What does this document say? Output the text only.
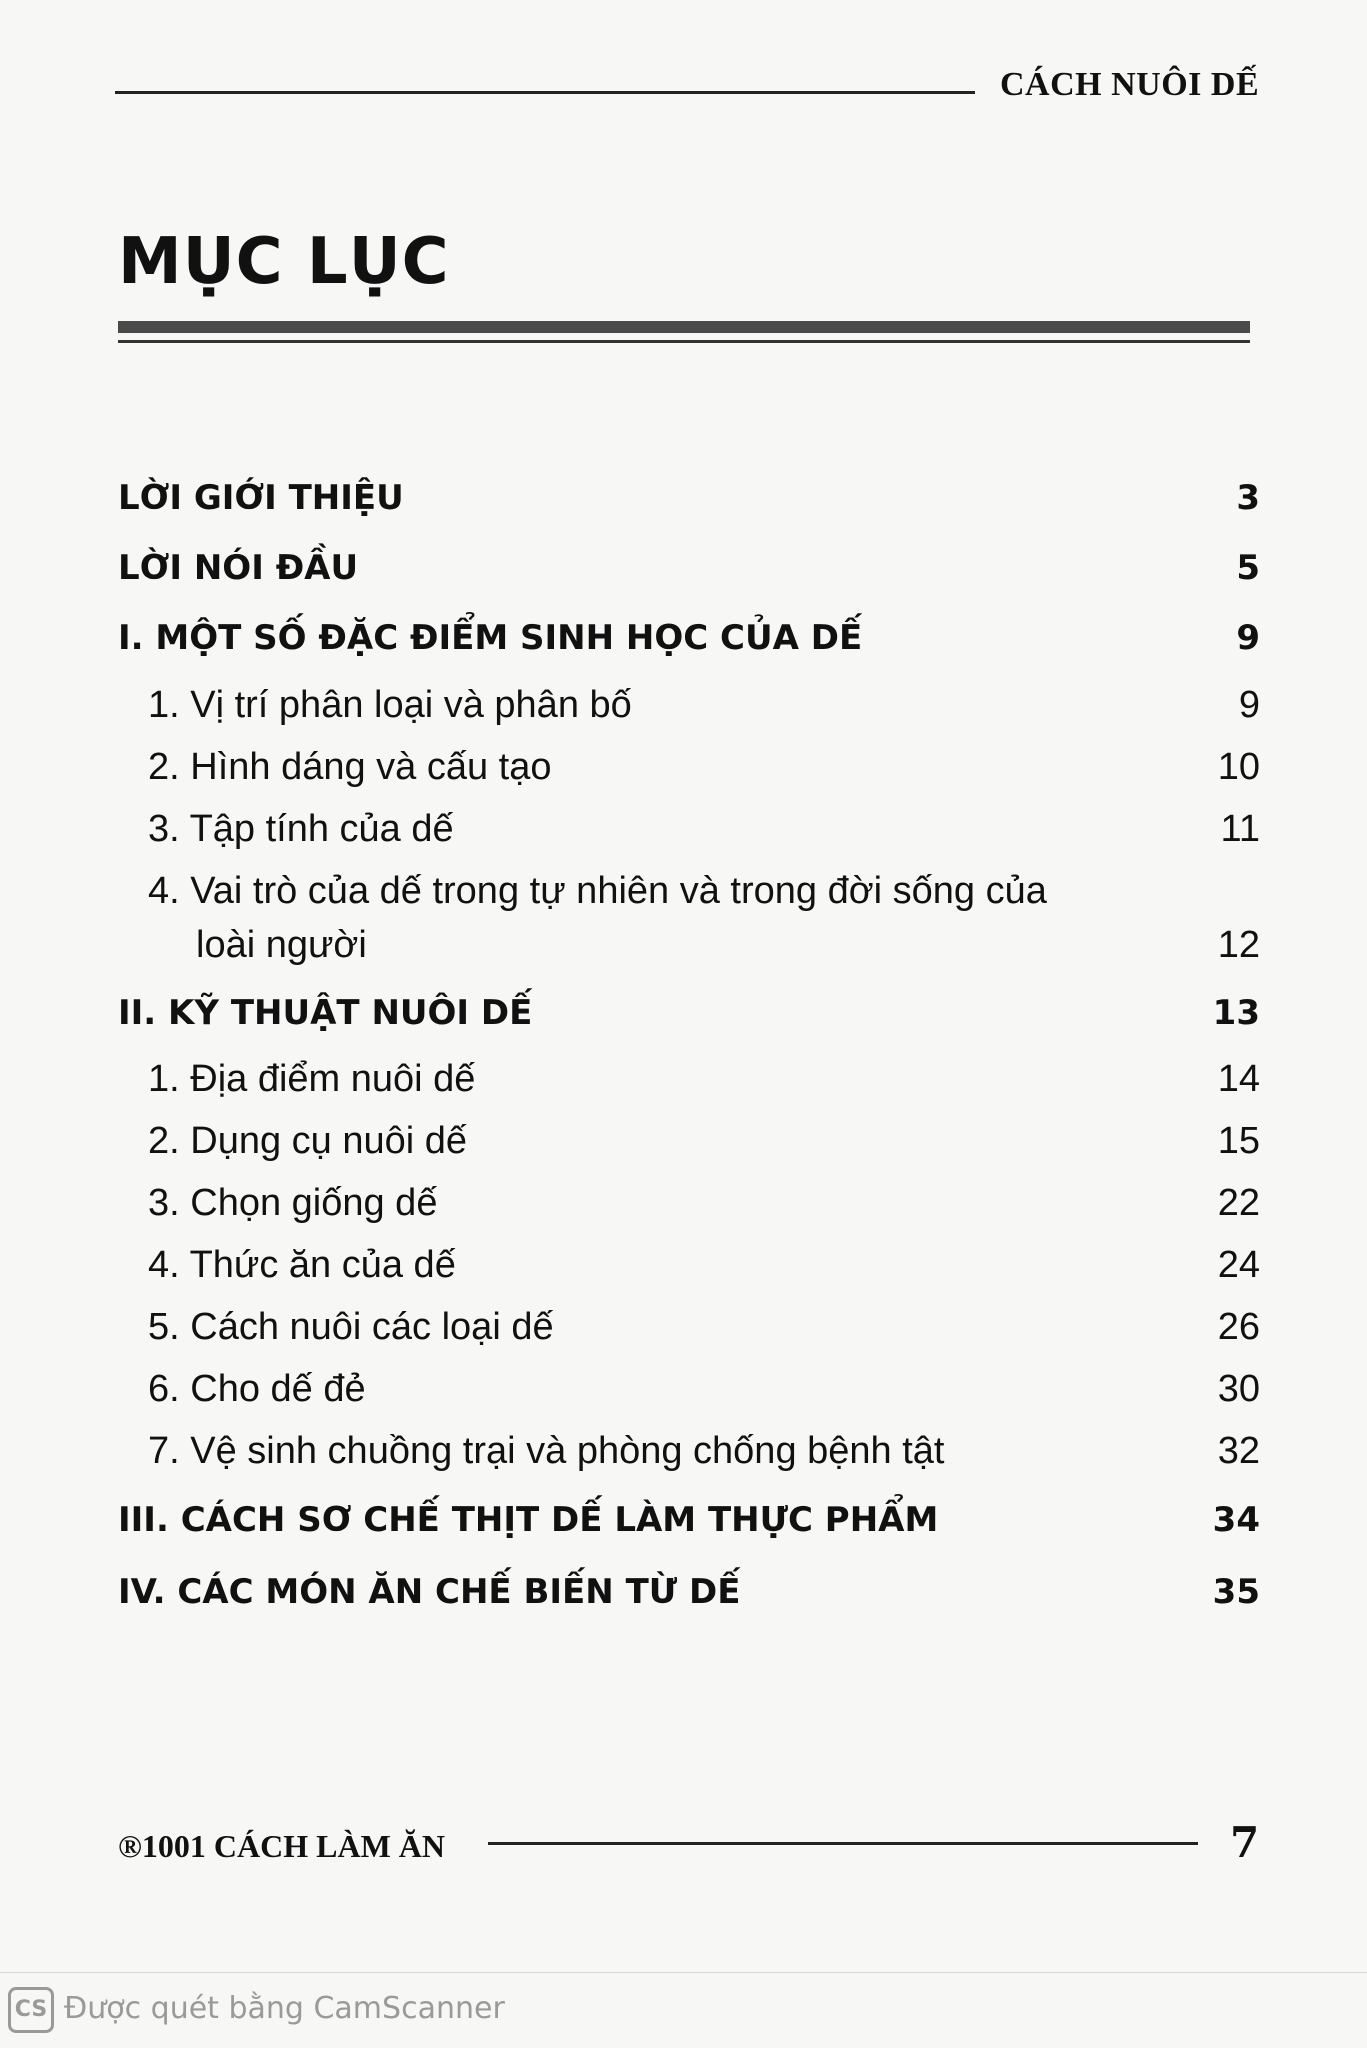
CÁCH NUÔI DẾ
MỤC LỤC
LỜI GIỚI THIỆU	3
LỜI NÓI ĐẦU	5
I. MỘT SỐ ĐẶC ĐIỂM SINH HỌC CỦA DẾ	9
1. Vị trí phân loại và phân bố	9
2. Hình dáng và cấu tạo	10
3. Tập tính của dế	11
4. Vai trò của dế trong tự nhiên và trong đời sống của
loài người	12
II. KỸ THUẬT NUÔI DẾ	13
1. Địa điểm nuôi dế	14
2. Dụng cụ nuôi dế	15
3. Chọn giống dế	22
4. Thức ăn của dế	24
5. Cách nuôi các loại dế	26
6. Cho dế đẻ	30
7. Vệ sinh chuồng trại và phòng chống bệnh tật	32
III. CÁCH SƠ CHẾ THỊT DẾ LÀM THỰC PHẨM	34
IV. CÁC MÓN ĂN CHẾ BIẾN TỪ DẾ	35
®1001 CÁCH LÀM ĂN	7
CS Được quét bằng CamScanner
